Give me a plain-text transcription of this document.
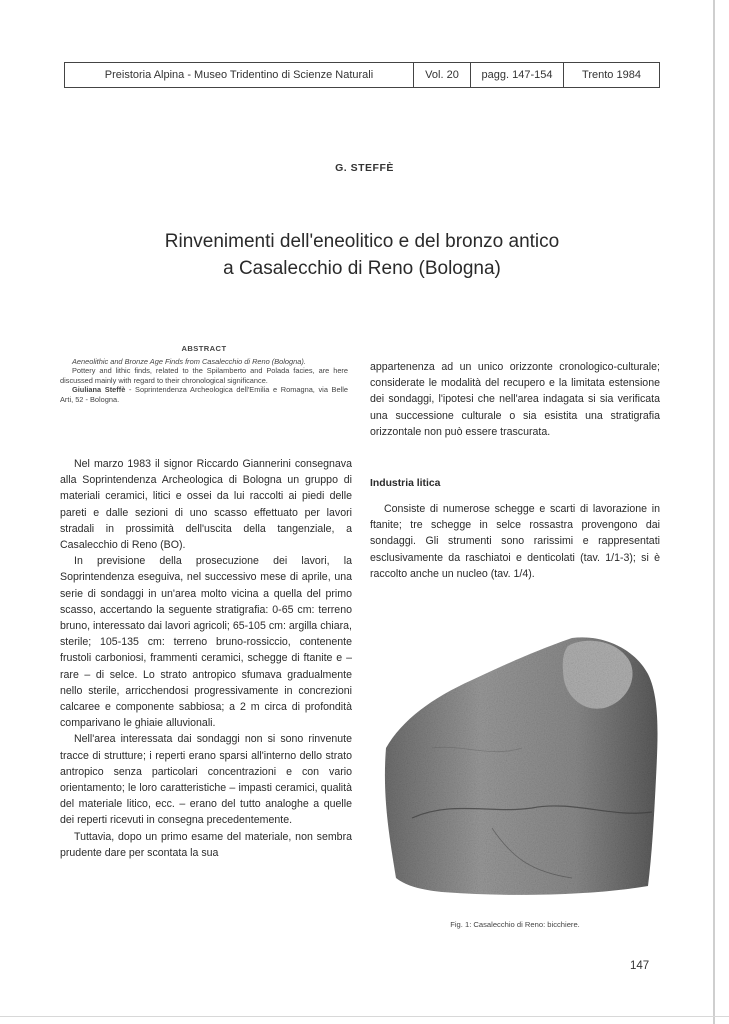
Preistoria Alpina - Museo Tridentino di Scienze Naturali	Vol. 20	pagg. 147-154	Trento 1984
G. STEFFÈ
Rinvenimenti dell'eneolitico e del bronzo antico
a Casalecchio di Reno (Bologna)
ABSTRACT

Aeneolithic and Bronze Age Finds from Casalecchio di Reno (Bologna).

Pottery and lithic finds, related to the Spilamberto and Polada facies, are here discussed mainly with regard to their chronological significance.

Giuliana Steffè - Soprintendenza Archeologica dell'Emilia e Romagna, via Belle Arti, 52 - Bologna.

Nel marzo 1983 il signor Riccardo Giannerini consegnava alla Soprintendenza Archeologica di Bologna un gruppo di materiali ceramici, litici e ossei da lui raccolti ai piedi delle pareti e dalle sezioni di uno scasso effettuato per lavori stradali in prossimità dell'uscita della tangenziale, a Casalecchio di Reno (BO).

In previsione della prosecuzione dei lavori, la Soprintendenza eseguiva, nel successivo mese di aprile, una serie di sondaggi in un'area molto vicina a quella del primo scasso, accertando la seguente stratigrafia: 0-65 cm: terreno bruno, interessato dai lavori agricoli; 65-105 cm: argilla chiara, sterile; 105-135 cm: terreno bruno-rossiccio, contenente frustoli carboniosi, frammenti ceramici, schegge di ftanite e – rare – di selce. Lo strato antropico sfumava gradualmente nello sterile, arricchendosi progressivamente in concrezioni calcaree e componente sabbiosa; a 2 m circa di profondità comparivano le ghiaie alluvionali.

Nell'area interessata dai sondaggi non si sono rinvenute tracce di strutture; i reperti erano sparsi all'interno dello strato antropico senza particolari concentrazioni e con vario orientamento; le loro caratteristiche – impasti ceramici, qualità del materiale litico, ecc. – erano del tutto analoghe a quelle dei reperti ricevuti in consegna precedentemente.

Tuttavia, dopo un primo esame del materiale, non sembra prudente dare per scontata la sua

appartenenza ad un unico orizzonte cronologico-culturale; considerate le modalità del recupero e la limitata estensione dei sondaggi, l'ipotesi che nell'area indagata si sia verificata una successione culturale o sia esistita una stratigrafia orizzontale non può essere trascurata.

Industria litica

Consiste di numerose schegge e scarti di lavorazione in ftanite; tre schegge in selce rossastra provengono dai sondaggi. Gli strumenti sono rarissimi e rappresentati esclusivamente da raschiatoi e denticolati (tav. 1/1-3); si è raccolto anche un nucleo (tav. 1/4).

Fig. 1: Casalecchio di Reno: bicchiere.
147
